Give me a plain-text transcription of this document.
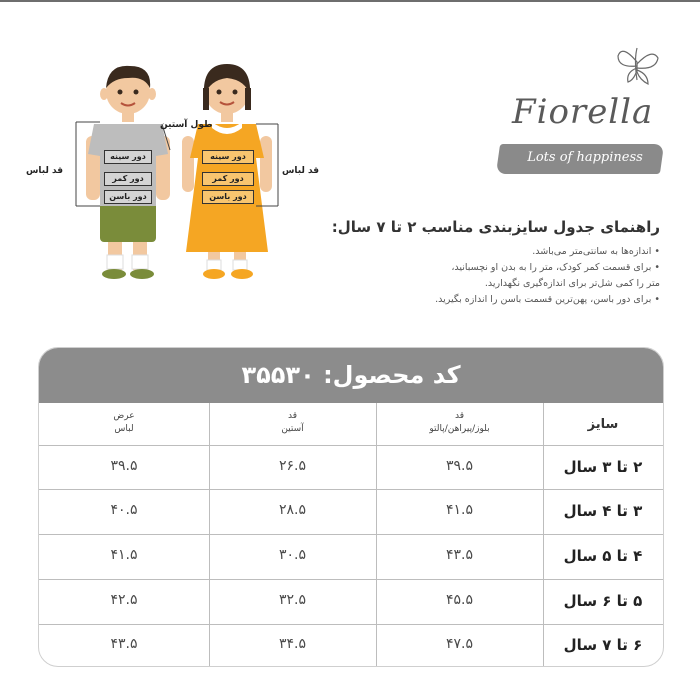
طول آستین
قد لباس	قد لباس
دور سینه
دور کمر
دور باسن
دور سینه
دور کمر
دور باسن
Fiorella
Lots of happiness

راهنمای جدول سایزبندی مناسب ۲ تا ۷ سال:

• اندازه‌ها به سانتی‌متر می‌باشد.

• برای قسمت کمر کودک، متر را به بدن او نچسبانید،

متر را کمی شل‌تر برای اندازه‌گیری نگهدارید.

• برای دور باسن، پهن‌ترین قسمت باسن را اندازه بگیرید.

کد محصول: ۳۵۵۳۰
سایز
قد
بلوز/پیراهن/پالتو
قد
آستین
عرض
لباس
۲ تا ۳ سال
۳۹.۵
۲۶.۵
۳۹.۵
۳ تا ۴ سال
۴۱.۵
۲۸.۵
۴۰.۵
۴ تا ۵ سال
۴۳.۵
۳۰.۵
۴۱.۵
۵ تا ۶ سال
۴۵.۵
۳۲.۵
۴۲.۵
۶ تا ۷ سال
۴۷.۵
۳۴.۵
۴۳.۵
